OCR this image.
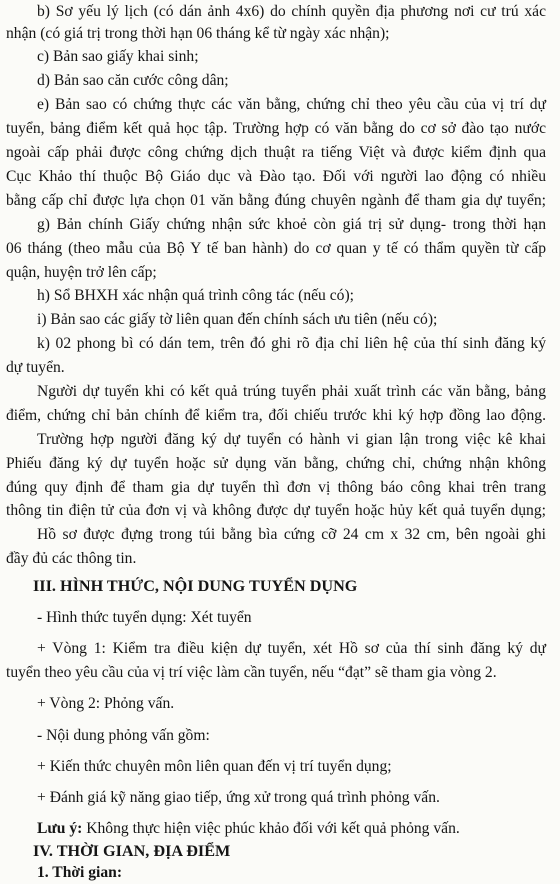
b) Sơ yếu lý lịch (có dán ảnh 4x6) do chính quyền địa phương nơi cư trú xác
nhận (có giá trị trong thời hạn 06 tháng kể từ ngày xác nhận);
c) Bản sao giấy khai sinh;
d) Bản sao căn cước công dân;
e) Bản sao có chứng thực các văn bằng, chứng chỉ theo yêu cầu của vị trí dự
tuyển, bảng điểm kết quả học tập. Trường hợp có văn bằng do cơ sở đào tạo nước
ngoài cấp phải được công chứng dịch thuật ra tiếng Việt và được kiểm định qua
Cục Khảo thí thuộc Bộ Giáo dục và Đào tạo. Đối với người lao động có nhiều
bằng cấp chỉ được lựa chọn 01 văn bằng đúng chuyên ngành để tham gia dự tuyển;
g) Bản chính Giấy chứng nhận sức khoẻ còn giá trị sử dụng- trong thời hạn
06 tháng (theo mẫu của Bộ Y tế ban hành) do cơ quan y tế có thẩm quyền từ cấp
quận, huyện trở lên cấp;
h) Sổ BHXH xác nhận quá trình công tác (nếu có);
i) Bản sao các giấy tờ liên quan đến chính sách ưu tiên (nếu có);
k) 02 phong bì có dán tem, trên đó ghi rõ địa chỉ liên hệ của thí sinh đăng ký
dự tuyển.
Người dự tuyển khi có kết quả trúng tuyển phải xuất trình các văn bằng, bảng
điểm, chứng chỉ bản chính để kiểm tra, đối chiếu trước khi ký hợp đồng lao động.
Trường hợp người đăng ký dự tuyển có hành vi gian lận trong việc kê khai
Phiếu đăng ký dự tuyển hoặc sử dụng văn bằng, chứng chỉ, chứng nhận không
đúng quy định để tham gia dự tuyển thì đơn vị thông báo công khai trên trang
thông tin điện tử của đơn vị và không được dự tuyển hoặc hủy kết quả tuyển dụng;
Hồ sơ được đựng trong túi bằng bìa cứng cỡ 24 cm x 32 cm, bên ngoài ghi
đầy đủ các thông tin.
III. HÌNH THỨC, NỘI DUNG TUYỂN DỤNG
- Hình thức tuyển dụng: Xét tuyển
+ Vòng 1: Kiểm tra điều kiện dự tuyển, xét Hồ sơ của thí sinh đăng ký dự
tuyển theo yêu cầu của vị trí việc làm cần tuyển, nếu “đạt” sẽ tham gia vòng 2.
+ Vòng 2: Phỏng vấn.
- Nội dung phỏng vấn gồm:
+ Kiến thức chuyên môn liên quan đến vị trí tuyển dụng;
+ Đánh giá kỹ năng giao tiếp, ứng xử trong quá trình phỏng vấn.
Lưu ý: Không thực hiện việc phúc khảo đối với kết quả phỏng vấn.
IV. THỜI GIAN, ĐỊA ĐIỂM
1. Thời gian:
